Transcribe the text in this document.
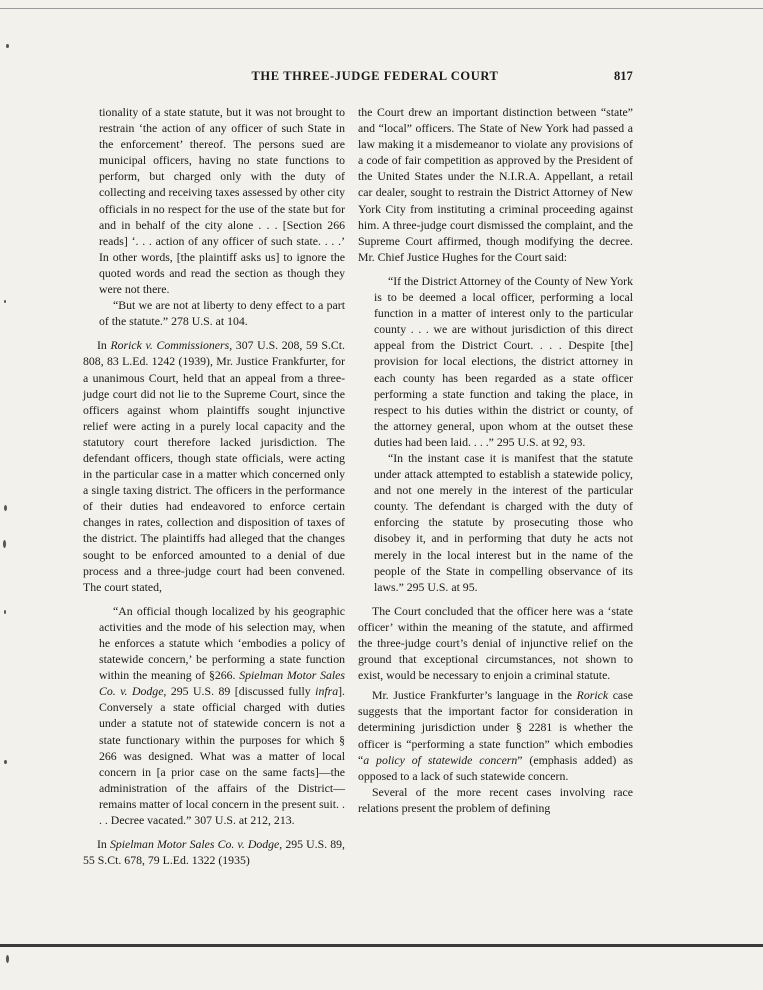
THE THREE-JUDGE FEDERAL COURT	817

tionality of a state statute, but it was not brought to restrain ‘the action of any officer of such State in the enforcement’ thereof. The persons sued are municipal officers, having no state functions to perform, but charged only with the duty of collecting and receiving taxes assessed by other city officials in no respect for the use of the state but for and in behalf of the city alone . . . [Section 266 reads] ‘. . . action of any officer of such state. . . .’ In other words, [the plaintiff asks us] to ignore the quoted words and read the section as though they were not there.

“But we are not at liberty to deny effect to a part of the statute.” 278 U.S. at 104.

In Rorick v. Commissioners, 307 U.S. 208, 59 S.Ct. 808, 83 L.Ed. 1242 (1939), Mr. Justice Frankfurter, for a unanimous Court, held that an appeal from a three-judge court did not lie to the Supreme Court, since the officers against whom plaintiffs sought injunctive relief were acting in a purely local capacity and the statutory court therefore lacked jurisdiction. The defendant officers, though state officials, were acting in the particular case in a matter which concerned only a single taxing district. The officers in the performance of their duties had endeavored to enforce certain changes in rates, collection and disposition of taxes of the district. The plaintiffs had alleged that the changes sought to be enforced amounted to a denial of due process and a three-judge court had been convened. The court stated,

“An official though localized by his geographic activities and the mode of his selection may, when he enforces a statute which ‘embodies a policy of statewide concern,’ be performing a state function within the meaning of §266. Spielman Motor Sales Co. v. Dodge, 295 U.S. 89 [discussed fully infra]. Conversely a state official charged with duties under a statute not of statewide concern is not a state functionary within the purposes for which § 266 was designed. What was a matter of local concern in [a prior case on the same facts]—the administration of the affairs of the District—remains matter of local concern in the present suit. . . . Decree vacated.” 307 U.S. at 212, 213.

In Spielman Motor Sales Co. v. Dodge, 295 U.S. 89, 55 S.Ct. 678, 79 L.Ed. 1322 (1935)

the Court drew an important distinction between “state” and “local” officers. The State of New York had passed a law making it a misdemeanor to violate any provisions of a code of fair competition as approved by the President of the United States under the N.I.R.A. Appellant, a retail car dealer, sought to restrain the District Attorney of New York City from instituting a criminal proceeding against him. A three-judge court dismissed the complaint, and the Supreme Court affirmed, though modifying the decree. Mr. Chief Justice Hughes for the Court said:

“If the District Attorney of the County of New York is to be deemed a local officer, performing a local function in a matter of interest only to the particular county . . . we are without jurisdiction of this direct appeal from the District Court. . . . Despite [the] provision for local elections, the district attorney in each county has been regarded as a state officer performing a state function and taking the place, in respect to his duties within the district or county, of the attorney general, upon whom at the outset these duties had been laid. . . .” 295 U.S. at 92, 93.

“In the instant case it is manifest that the statute under attack attempted to establish a statewide policy, and not one merely in the interest of the particular county. The defendant is charged with the duty of enforcing the statute by prosecuting those who disobey it, and in performing that duty he acts not merely in the local interest but in the name of the people of the State in compelling observance of its laws.” 295 U.S. at 95.

The Court concluded that the officer here was a ‘state officer’ within the meaning of the statute, and affirmed the three-judge court’s denial of injunctive relief on the ground that exceptional circumstances, not shown to exist, would be necessary to enjoin a criminal statute.

Mr. Justice Frankfurter’s language in the Rorick case suggests that the important factor for consideration in determining jurisdiction under § 2281 is whether the officer is “performing a state function” which embodies “a policy of statewide concern” (emphasis added) as opposed to a lack of such statewide concern.

Several of the more recent cases involving race relations present the problem of defining
